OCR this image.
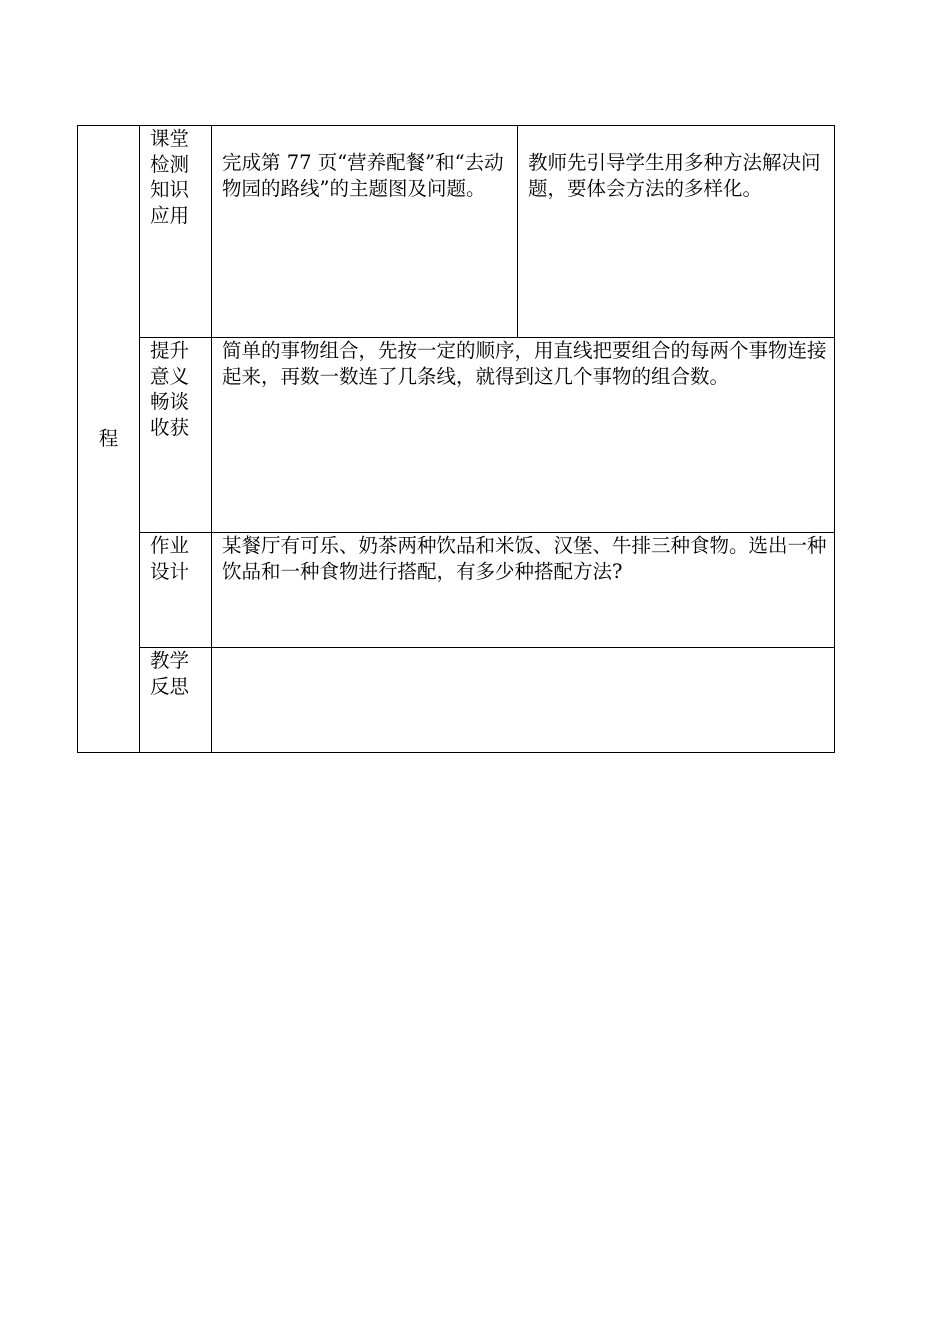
程	课堂
检测
知识
应用	完成第 77 页“营养配餐”和“去动物园的路线”的主题图及问题。	教师先引导学生用多种方法解决问题，要体会方法的多样化。
	提升
意义
畅谈
收获	简单的事物组合，先按一定的顺序，用直线把要组合的每两个事物连接起来，再数一数连了几条线，就得到这几个事物的组合数。	
	作业
设计	某餐厅有可乐、奶茶两种饮品和米饭、汉堡、牛排三种食物。选出一种饮品和一种食物进行搭配，有多少种搭配方法?	
	教学
反思		
